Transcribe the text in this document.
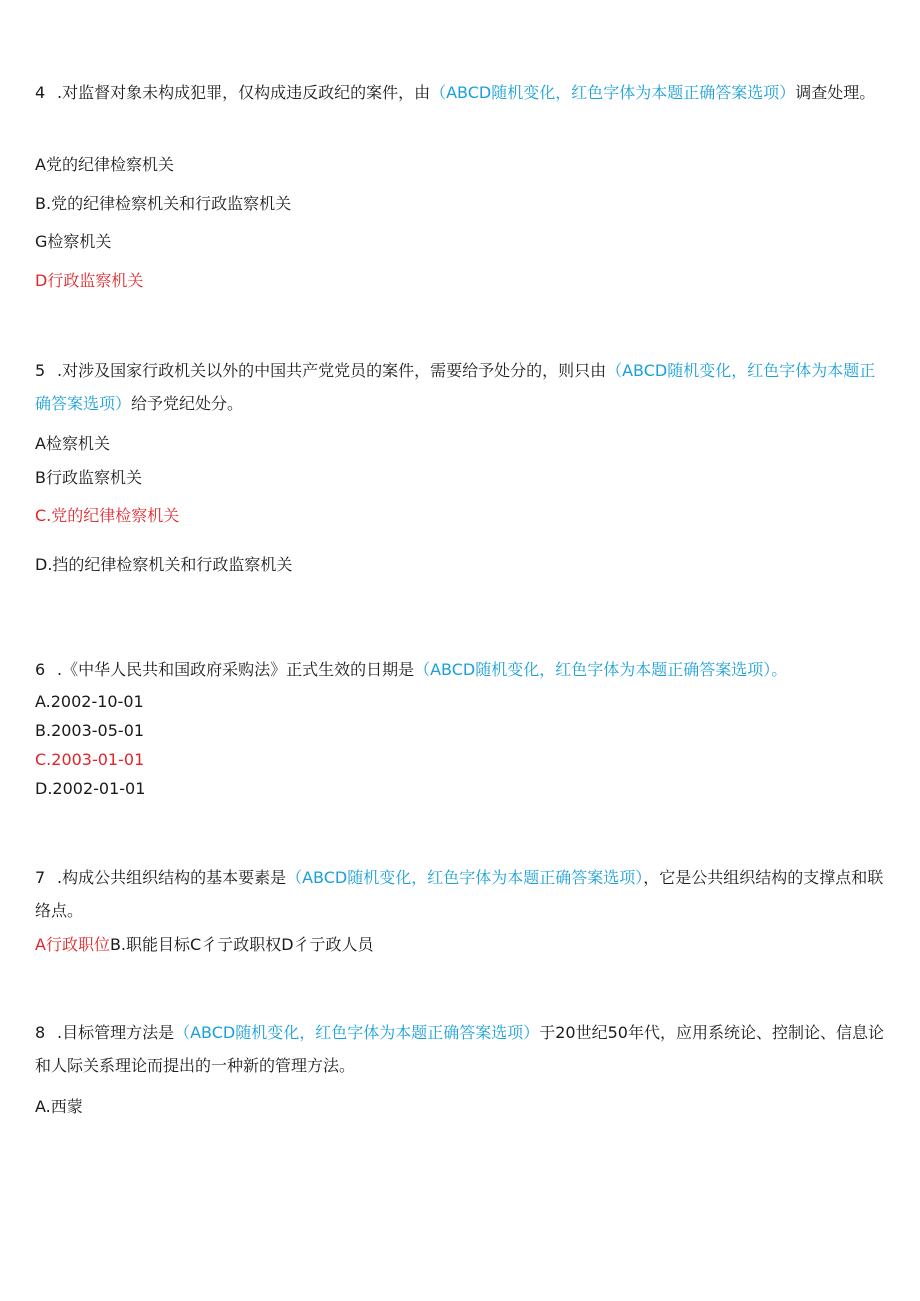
4 .对监督对象未构成犯罪，仅构成违反政纪的案件，由（ABCD随机变化，红色字体为本题正确答案选项）调查处理。
A党的纪律检察机关
B.党的纪律检察机关和行政监察机关
G检察机关
D行政监察机关
5 .对涉及国家行政机关以外的中国共产党党员的案件，需要给予处分的，则只由（ABCD随机变化，红色字体为本题正确答案选项）给予党纪处分。
A检察机关
B行政监察机关
C.党的纪律检察机关
D.挡的纪律检察机关和行政监察机关
6 .《中华人民共和国政府采购法》正式生效的日期是（ABCD随机变化，红色字体为本题正确答案选项）。
A.2002-10-01
B.2003-05-01
C.2003-01-01
D.2002-01-01
7 .构成公共组织结构的基本要素是（ABCD随机变化，红色字体为本题正确答案选项），它是公共组织结构的支撑点和联络点。
A行政职位B.职能目标C彳亍政职权D彳亍政人员
8 .目标管理方法是（ABCD随机变化，红色字体为本题正确答案选项）于20世纪50年代，应用系统论、控制论、信息论和人际关系理论而提出的一种新的管理方法。
A.西蒙
